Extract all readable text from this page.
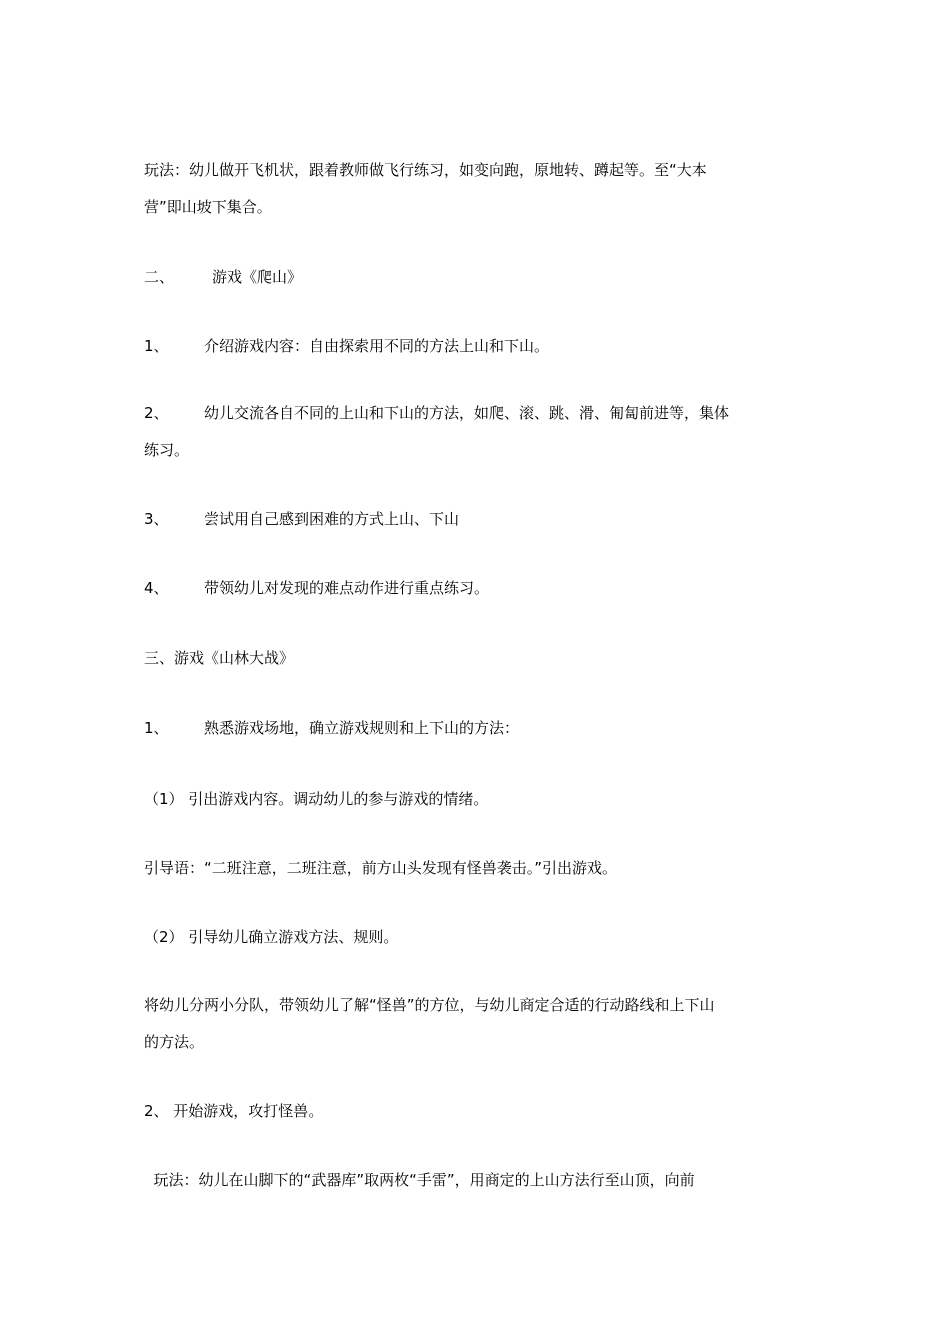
玩法：幼儿做开飞机状，跟着教师做飞行练习，如变向跑，原地转、蹲起等。至“大本

营”即山坡下集合。

二、	游戏《爬山》
1、 介绍游戏内容：自由探索用不同的方法上山和下山。
2、 幼儿交流各自不同的上山和下山的方法，如爬、滚、跳、滑、匍匐前进等，集体

练习。

3、 尝试用自己感到困难的方式上山、下山
4、 带领幼儿对发现的难点动作进行重点练习。

三、游戏《山林大战》

1、 熟悉游戏场地，确立游戏规则和上下山的方法：

（1） 引出游戏内容。调动幼儿的参与游戏的情绪。

引导语：“二班注意，二班注意，前方山头发现有怪兽袭击。”引出游戏。

（2） 引导幼儿确立游戏方法、规则。

将幼儿分两小分队，带领幼儿了解“怪兽”的方位，与幼儿商定合适的行动路线和上下山

的方法。

2、 开始游戏，攻打怪兽。

玩法：幼儿在山脚下的“武器库”取两枚“手雷”，用商定的上山方法行至山顶，向前
